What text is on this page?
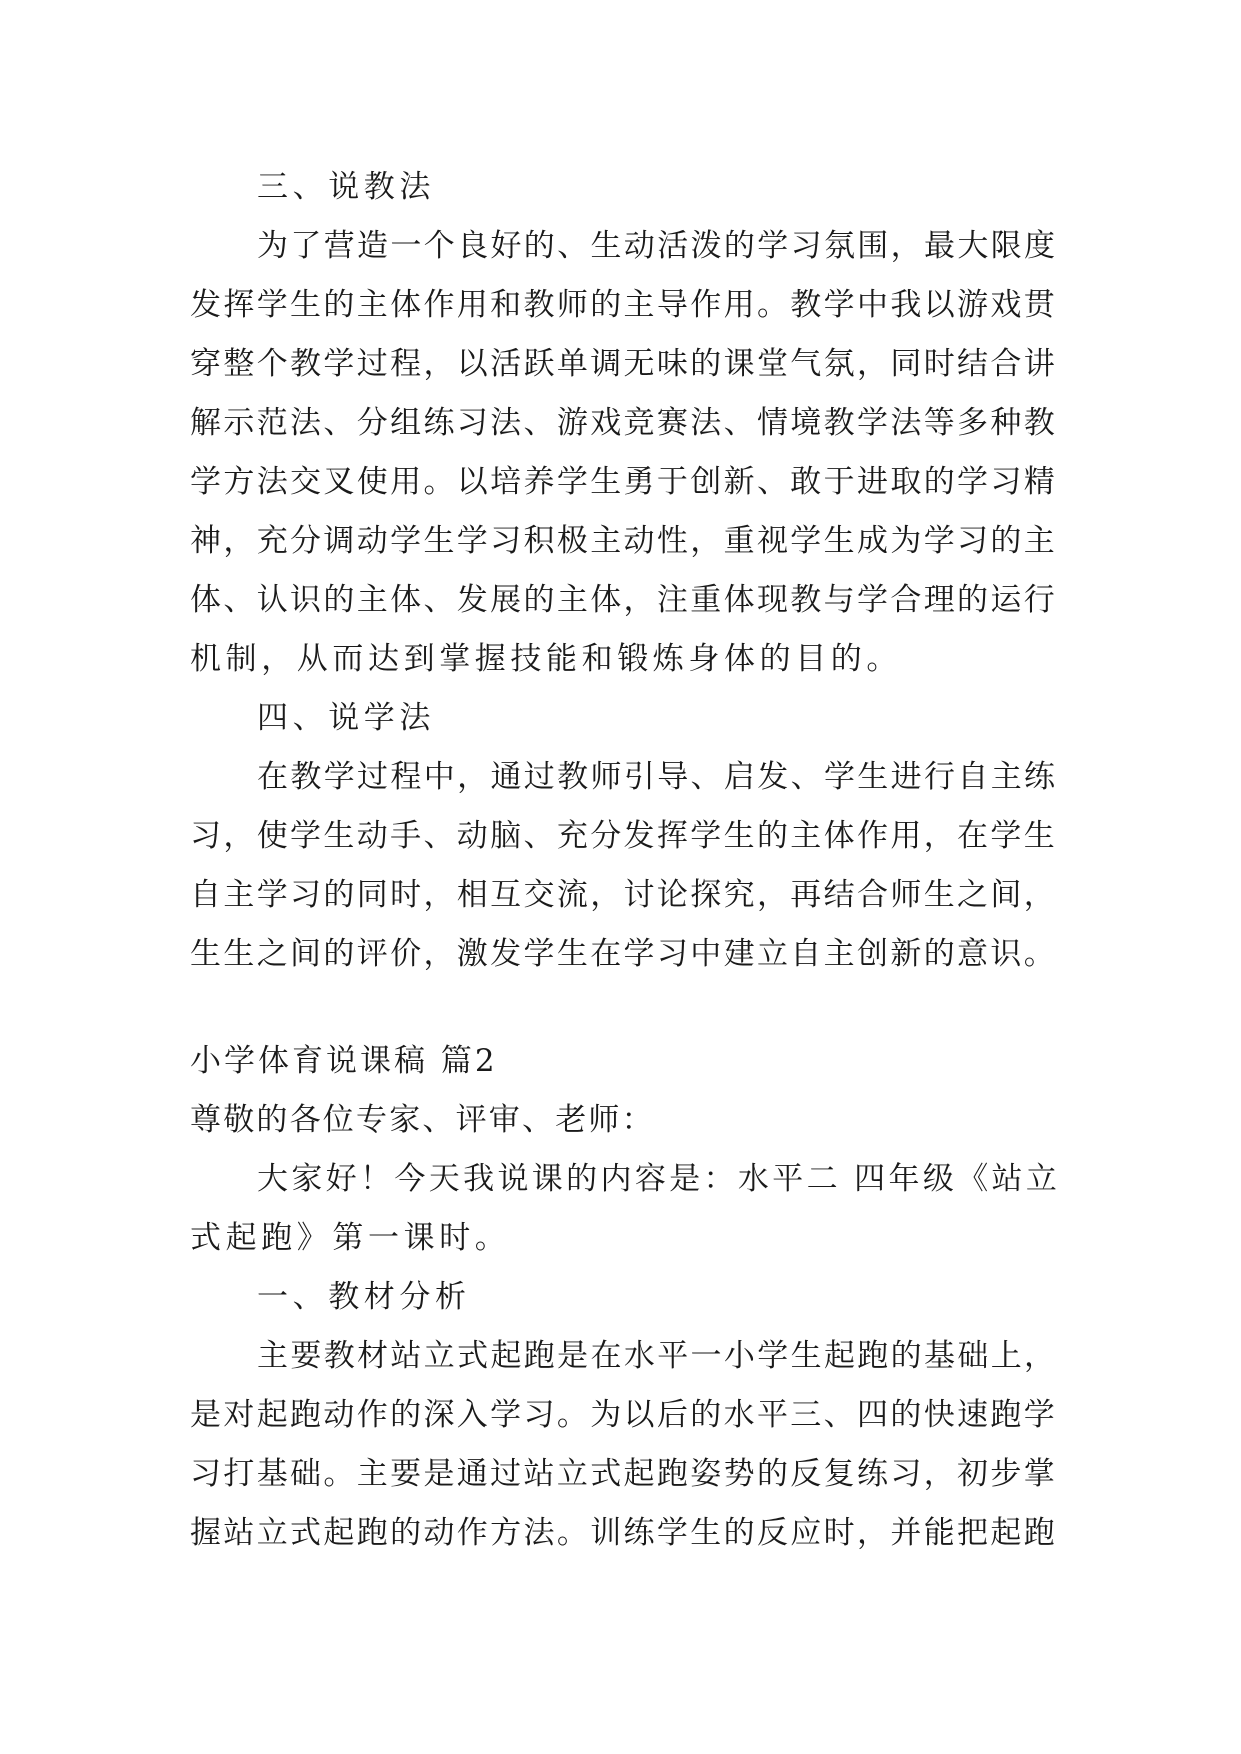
三、说教法
为了营造一个良好的、生动活泼的学习氛围，最大限度
发挥学生的主体作用和教师的主导作用。教学中我以游戏贯
穿整个教学过程，以活跃单调无味的课堂气氛，同时结合讲
解示范法、分组练习法、游戏竞赛法、情境教学法等多种教
学方法交叉使用。以培养学生勇于创新、敢于进取的学习精
神，充分调动学生学习积极主动性，重视学生成为学习的主
体、认识的主体、发展的主体，注重体现教与学合理的运行
机制，从而达到掌握技能和锻炼身体的目的。
四、说学法
在教学过程中，通过教师引导、启发、学生进行自主练
习，使学生动手、动脑、充分发挥学生的主体作用，在学生
自主学习的同时，相互交流，讨论探究，再结合师生之间，
生生之间的评价，激发学生在学习中建立自主创新的意识。
小学体育说课稿 篇2
尊敬的各位专家、评审、老师：
大家好！今天我说课的内容是：水平二 四年级《站立
式起跑》第一课时。
一、教材分析
主要教材站立式起跑是在水平一小学生起跑的基础上，
是对起跑动作的深入学习。为以后的水平三、四的快速跑学
习打基础。主要是通过站立式起跑姿势的反复练习，初步掌
握站立式起跑的动作方法。训练学生的反应时，并能把起跑
